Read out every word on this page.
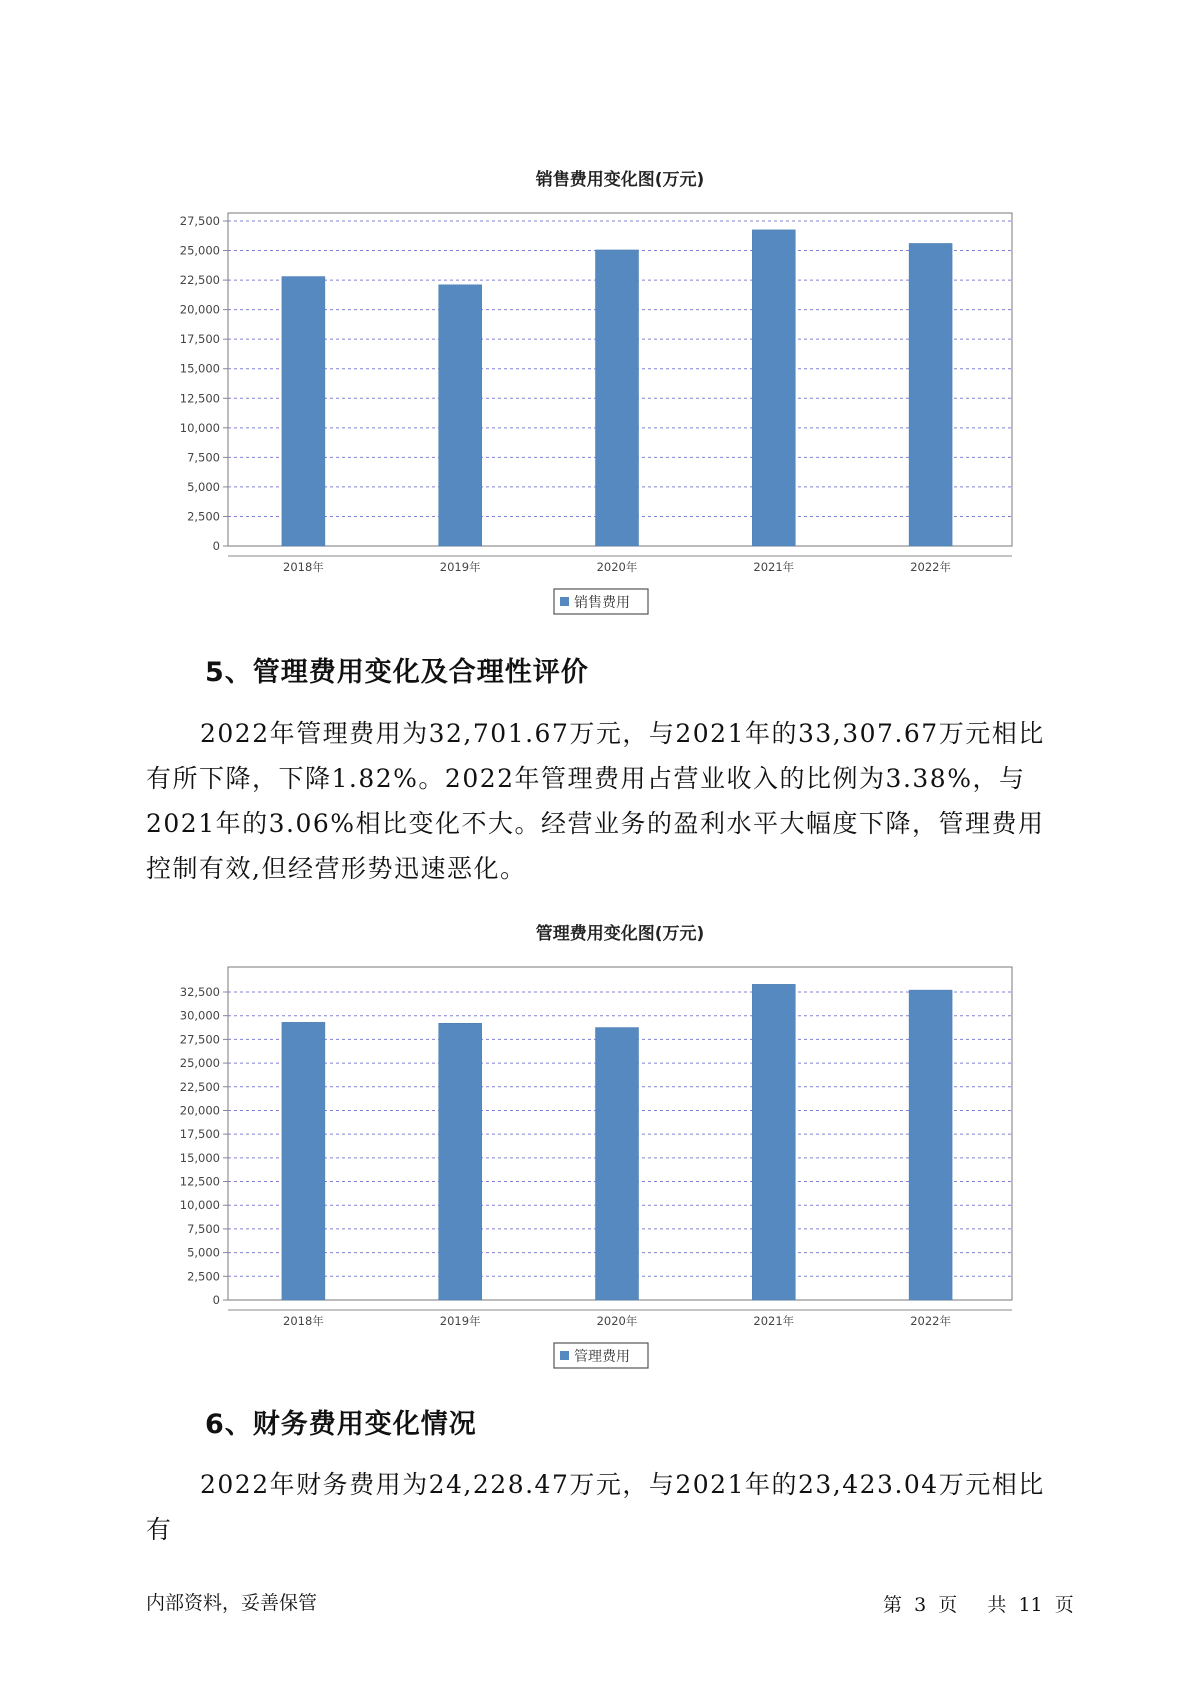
销售费用变化图(万元)
0
2,500
5,000
7,500
10,000
12,500
15,000
17,500
20,000
22,500
25,000
27,500
2018年	2019年	2020年	2021年	2022年
销售费用
5、管理费用变化及合理性评价

2022年管理费用为32,701.67万元，与2021年的33,307.67万元相比有所下降，下降1.82%。2022年管理费用占营业收入的比例为3.38%，与2021年的3.06%相比变化不大。经营业务的盈利水平大幅度下降，管理费用控制有效,但经营形势迅速恶化。

管理费用变化图(万元)
0
2,500
5,000
7,500
10,000
12,500
15,000
17,500
20,000
22,500
25,000
27,500
30,000
32,500
2018年	2019年	2020年	2021年	2022年
管理费用
6、财务费用变化情况

2022年财务费用为24,228.47万元，与2021年的23,423.04万元相比有

内部资料，妥善保管	第 3 页 共 11 页
